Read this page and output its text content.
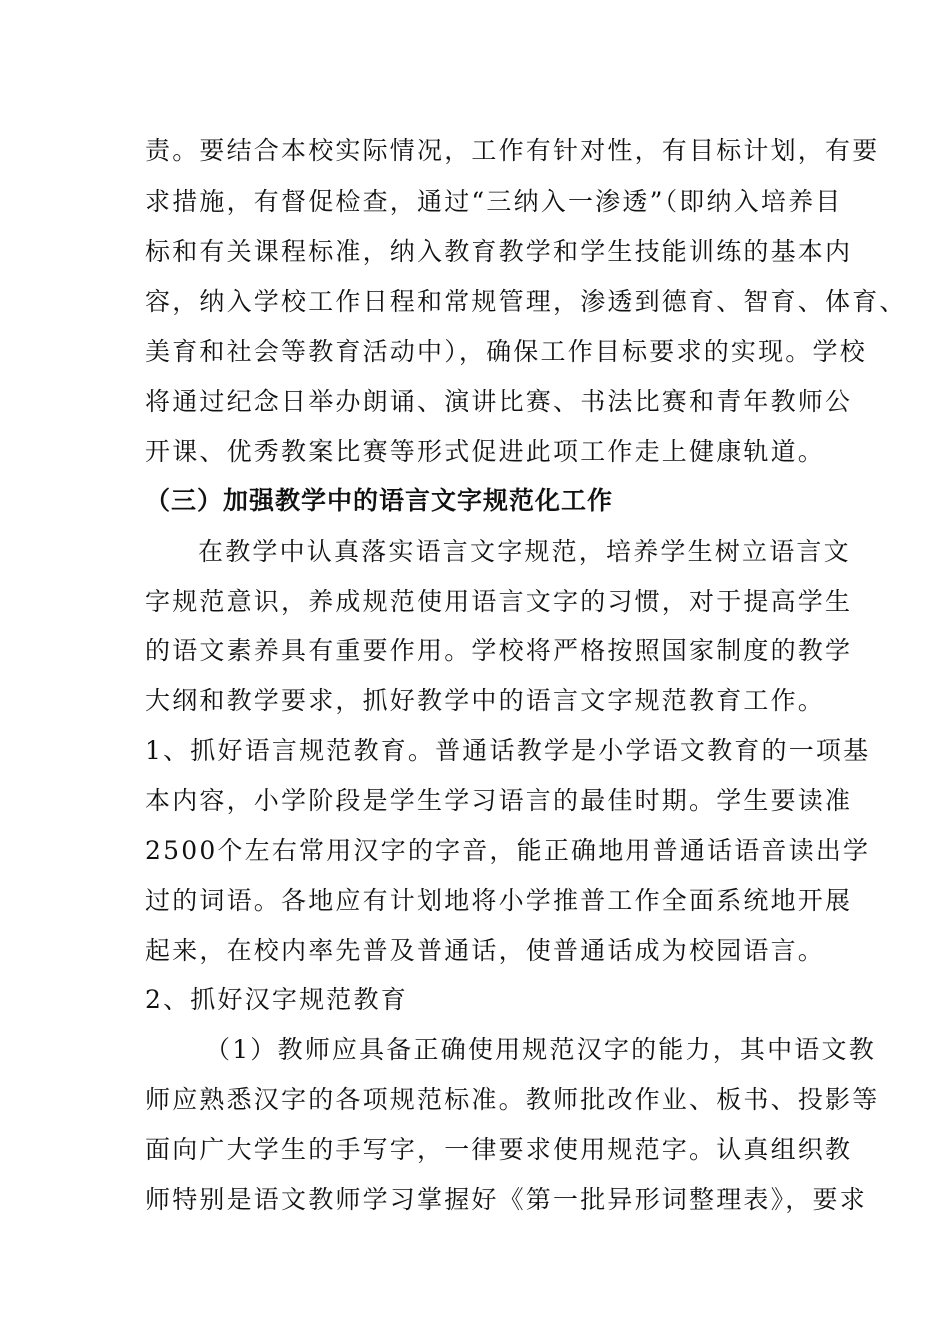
责。要结合本校实际情况，工作有针对性，有目标计划，有要
求措施，有督促检查，通过“三纳入一渗透”（即纳入培养目
标和有关课程标准，纳入教育教学和学生技能训练的基本内
容，纳入学校工作日程和常规管理，渗透到德育、智育、体育、
美育和社会等教育活动中），确保工作目标要求的实现。学校
将通过纪念日举办朗诵、演讲比赛、书法比赛和青年教师公
开课、优秀教案比赛等形式促进此项工作走上健康轨道。
（三）加强教学中的语言文字规范化工作
在教学中认真落实语言文字规范，培养学生树立语言文
字规范意识，养成规范使用语言文字的习惯，对于提高学生
的语文素养具有重要作用。学校将严格按照国家制度的教学
大纲和教学要求，抓好教学中的语言文字规范教育工作。
1、抓好语言规范教育。普通话教学是小学语文教育的一项基
本内容，小学阶段是学生学习语言的最佳时期。学生要读准
2500个左右常用汉字的字音，能正确地用普通话语音读出学
过的词语。各地应有计划地将小学推普工作全面系统地开展
起来，在校内率先普及普通话，使普通话成为校园语言。
2、抓好汉字规范教育
（1）教师应具备正确使用规范汉字的能力，其中语文教
师应熟悉汉字的各项规范标准。教师批改作业、板书、投影等
面向广大学生的手写字，一律要求使用规范字。认真组织教
师特别是语文教师学习掌握好《第一批异形词整理表》，要求
